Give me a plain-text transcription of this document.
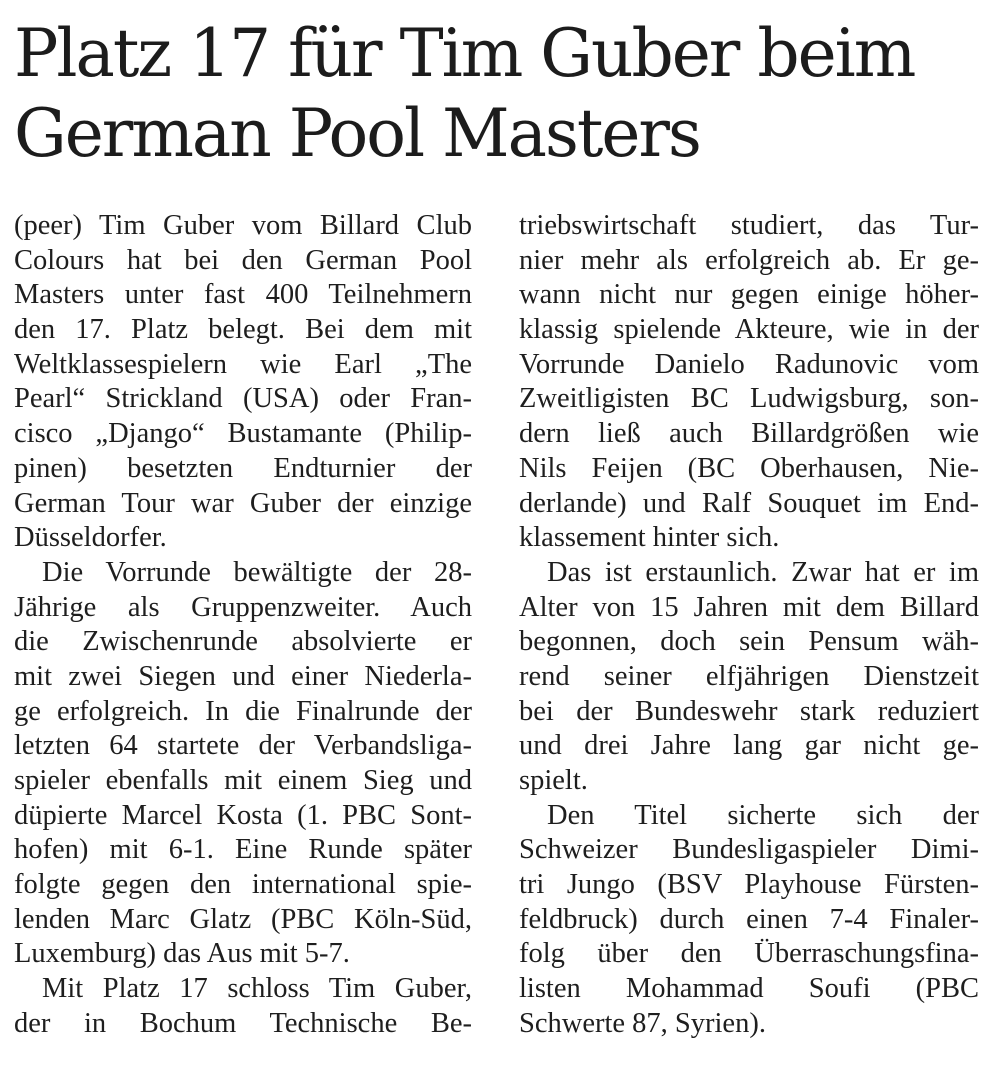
Platz 17 für Tim Guber beim
German Pool Masters
(peer) Tim Guber vom Billard Club
Colours hat bei den German Pool
Masters unter fast 400 Teilnehmern
den 17. Platz belegt. Bei dem mit
Weltklassespielern wie Earl „The
Pearl“ Strickland (USA) oder Fran-
cisco „Django“ Bustamante (Philip-
pinen) besetzten Endturnier der
German Tour war Guber der einzige
Düsseldorfer.
Die Vorrunde bewältigte der 28-
Jährige als Gruppenzweiter. Auch
die Zwischenrunde absolvierte er
mit zwei Siegen und einer Niederla-
ge erfolgreich. In die Finalrunde der
letzten 64 startete der Verbandsliga-
spieler ebenfalls mit einem Sieg und
düpierte Marcel Kosta (1. PBC Sont-
hofen) mit 6-1. Eine Runde später
folgte gegen den international spie-
lenden Marc Glatz (PBC Köln-Süd,
Luxemburg) das Aus mit 5-7.
Mit Platz 17 schloss Tim Guber,
der in Bochum Technische Be-
triebswirtschaft studiert, das Tur-
nier mehr als erfolgreich ab. Er ge-
wann nicht nur gegen einige höher-
klassig spielende Akteure, wie in der
Vorrunde Danielo Radunovic vom
Zweitligisten BC Ludwigsburg, son-
dern ließ auch Billardgrößen wie
Nils Feijen (BC Oberhausen, Nie-
derlande) und Ralf Souquet im End-
klassement hinter sich.
Das ist erstaunlich. Zwar hat er im
Alter von 15 Jahren mit dem Billard
begonnen, doch sein Pensum wäh-
rend seiner elfjährigen Dienstzeit
bei der Bundeswehr stark reduziert
und drei Jahre lang gar nicht ge-
spielt.
Den Titel sicherte sich der
Schweizer Bundesligaspieler Dimi-
tri Jungo (BSV Playhouse Fürsten-
feldbruck) durch einen 7-4 Finaler-
folg über den Überraschungsfina-
listen Mohammad Soufi (PBC
Schwerte 87, Syrien).
